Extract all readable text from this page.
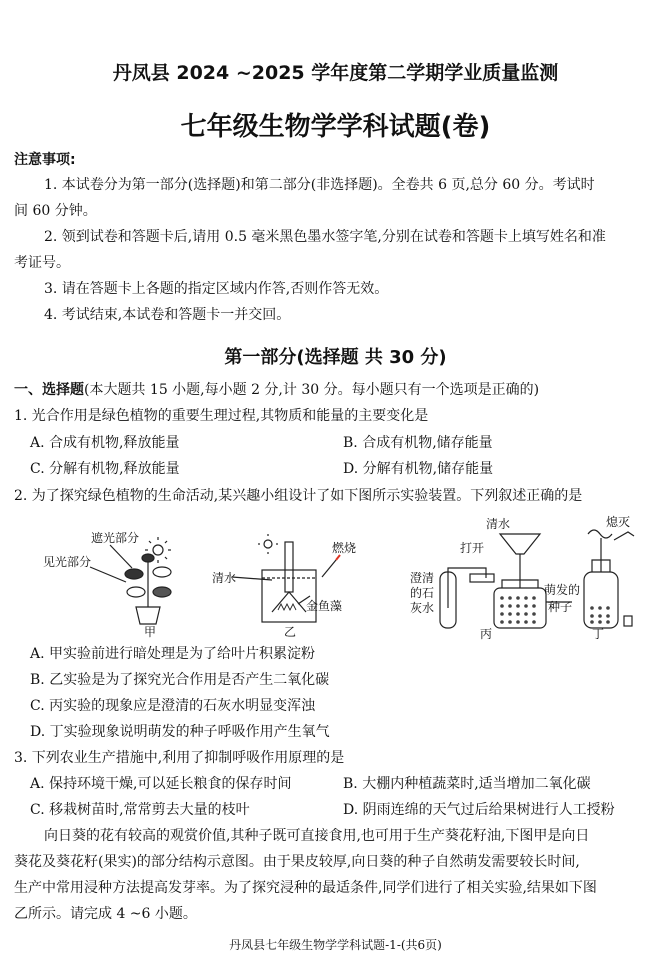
丹凤县 2024 ~2025 学年度第二学期学业质量监测
七年级生物学学科试题(卷)
注意事项:
1. 本试卷分为第一部分(选择题)和第二部分(非选择题)。全卷共 6 页,总分 60 分。考试时
间 60 分钟。
2. 领到试卷和答题卡后,请用 0.5 毫米黑色墨水签字笔,分别在试卷和答题卡上填写姓名和准
考证号。
3. 请在答题卡上各题的指定区域内作答,否则作答无效。
4. 考试结束,本试卷和答题卡一并交回。
第一部分(选择题 共 30 分)
一、选择题(本大题共 15 小题,每小题 2 分,计 30 分。每小题只有一个选项是正确的)
1. 光合作用是绿色植物的重要生理过程,其物质和能量的主要变化是
A. 合成有机物,释放能量	B. 合成有机物,储存能量
C. 分解有机物,释放能量	D. 分解有机物,储存能量
2. 为了探究绿色植物的生命活动,某兴趣小组设计了如下图所示实验装置。下列叙述正确的是
遮光部分
见光部分
甲
清水
燃烧
金鱼藻
乙
清水
打开
澄清
的石
灰水
萌发的
种子
丙
熄灭
丁
A. 甲实验前进行暗处理是为了给叶片积累淀粉
B. 乙实验是为了探究光合作用是否产生二氧化碳
C. 丙实验的现象应是澄清的石灰水明显变浑浊
D. 丁实验现象说明萌发的种子呼吸作用产生氧气
3. 下列农业生产措施中,利用了抑制呼吸作用原理的是
A. 保持环境干燥,可以延长粮食的保存时间	B. 大棚内种植蔬菜时,适当增加二氧化碳
C. 移栽树苗时,常常剪去大量的枝叶	D. 阴雨连绵的天气过后给果树进行人工授粉
向日葵的花有较高的观赏价值,其种子既可直接食用,也可用于生产葵花籽油,下图甲是向日
葵花及葵花籽(果实)的部分结构示意图。由于果皮较厚,向日葵的种子自然萌发需要较长时间,
生产中常用浸种方法提高发芽率。为了探究浸种的最适条件,同学们进行了相关实验,结果如下图
乙所示。请完成 4 ~6 小题。
丹凤县七年级生物学学科试题-1-(共6页)
